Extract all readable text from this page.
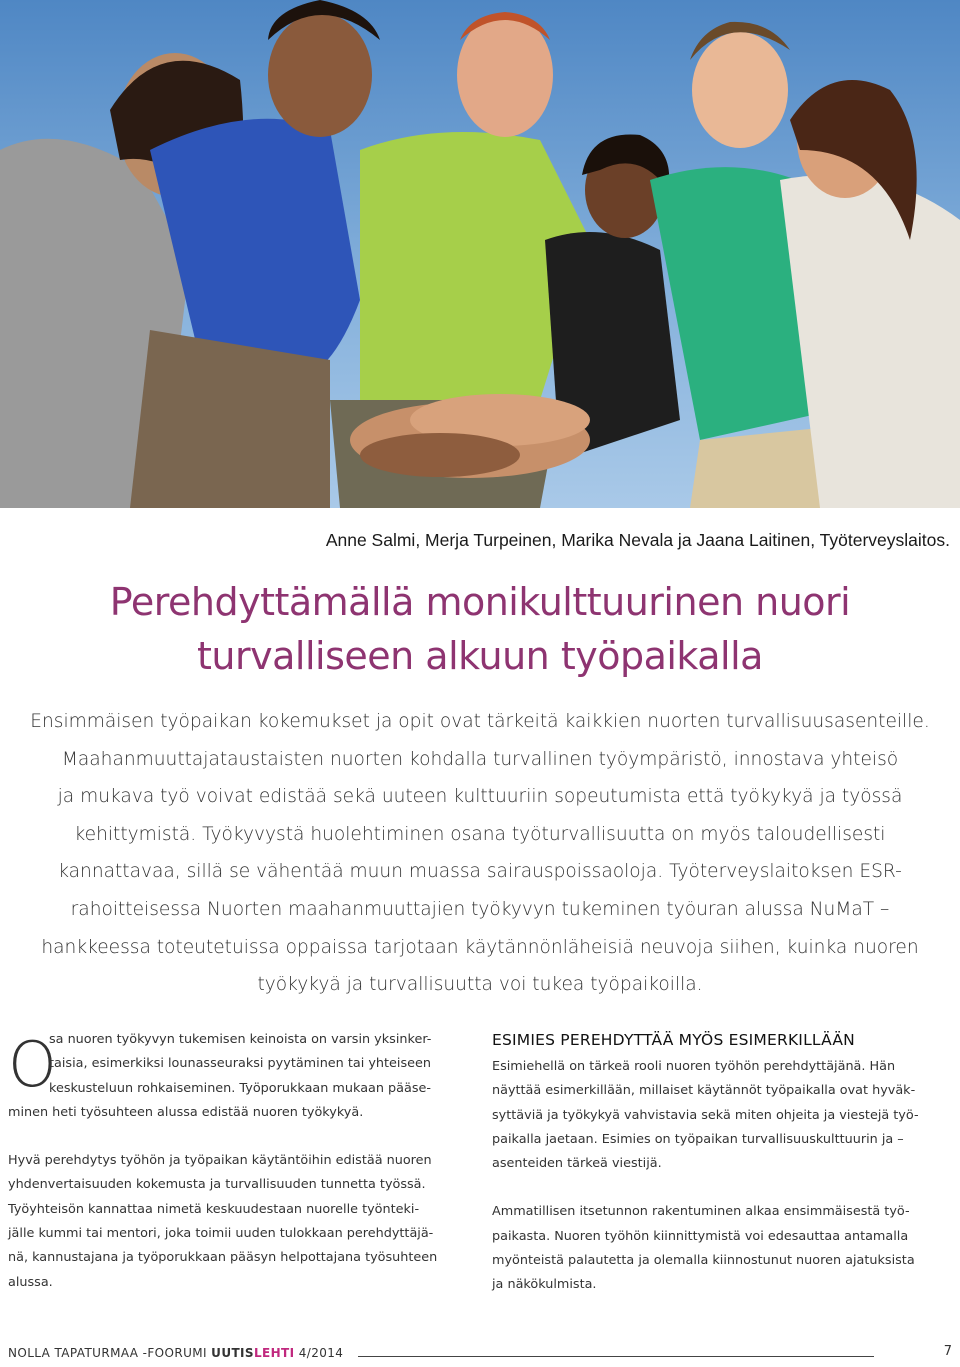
Anne Salmi, Merja Turpeinen, Marika Nevala ja Jaana Laitinen, Työterveyslaitos.
Perehdyttämällä monikulttuurinen nuori
turvalliseen alkuun työpaikalla
Ensimmäisen työpaikan kokemukset ja opit ovat tärkeitä kaikkien nuorten turvallisuusasenteille.
Maahanmuuttajataustaisten nuorten kohdalla turvallinen työympäristö, innostava yhteisö
ja mukava työ voivat edistää sekä uuteen kulttuuriin sopeutumista että työkykyä ja työssä
kehittymistä. Työkyvystä huolehtiminen osana työturvallisuutta on myös taloudellisesti
kannattavaa, sillä se vähentää muun muassa sairauspoissaoloja. Työterveyslaitoksen ESR-
rahoitteisessa Nuorten maahanmuuttajien työkyvyn tukeminen työuran alussa NuMaT –
hankkeessa toteutetuissa oppaissa tarjotaan käytännönläheisiä neuvoja siihen, kuinka nuoren
työkykyä ja turvallisuutta voi tukea työpaikoilla.
O
sa nuoren työkyvyn tukemisen keinoista on varsin yksinker-
taisia, esimerkiksi lounasseuraksi pyytäminen tai yhteiseen
keskusteluun rohkaiseminen. Työporukkaan mukaan pääse-
minen heti työsuhteen alussa edistää nuoren työkykyä.
Hyvä perehdytys työhön ja työpaikan käytäntöihin edistää nuoren
yhdenvertaisuuden kokemusta ja turvallisuuden tunnetta työssä.
Työyhteisön kannattaa nimetä keskuudestaan nuorelle työnteki-
jälle kummi tai mentori, joka toimii uuden tulokkaan perehdyttäjä-
nä, kannustajana ja työporukkaan pääsyn helpottajana työsuhteen
alussa.
ESIMIES PEREHDYTTÄÄ MYÖS ESIMERKILLÄÄN
Esimiehellä on tärkeä rooli nuoren työhön perehdyttäjänä. Hän
näyttää esimerkillään, millaiset käytännöt työpaikalla ovat hyväk-
syttäviä ja työkykyä vahvistavia sekä miten ohjeita ja viestejä työ-
paikalla jaetaan. Esimies on työpaikan turvallisuuskulttuurin ja –
asenteiden tärkeä viestijä.
Ammatillisen itsetunnon rakentuminen alkaa ensimmäisestä työ-
paikasta. Nuoren työhön kiinnittymistä voi edesauttaa antamalla
myönteistä palautetta ja olemalla kiinnostunut nuoren ajatuksista
ja näkökulmista.
NOLLA TAPATURMAA -FOORUMI UUTISLEHTI 4/2014	7
